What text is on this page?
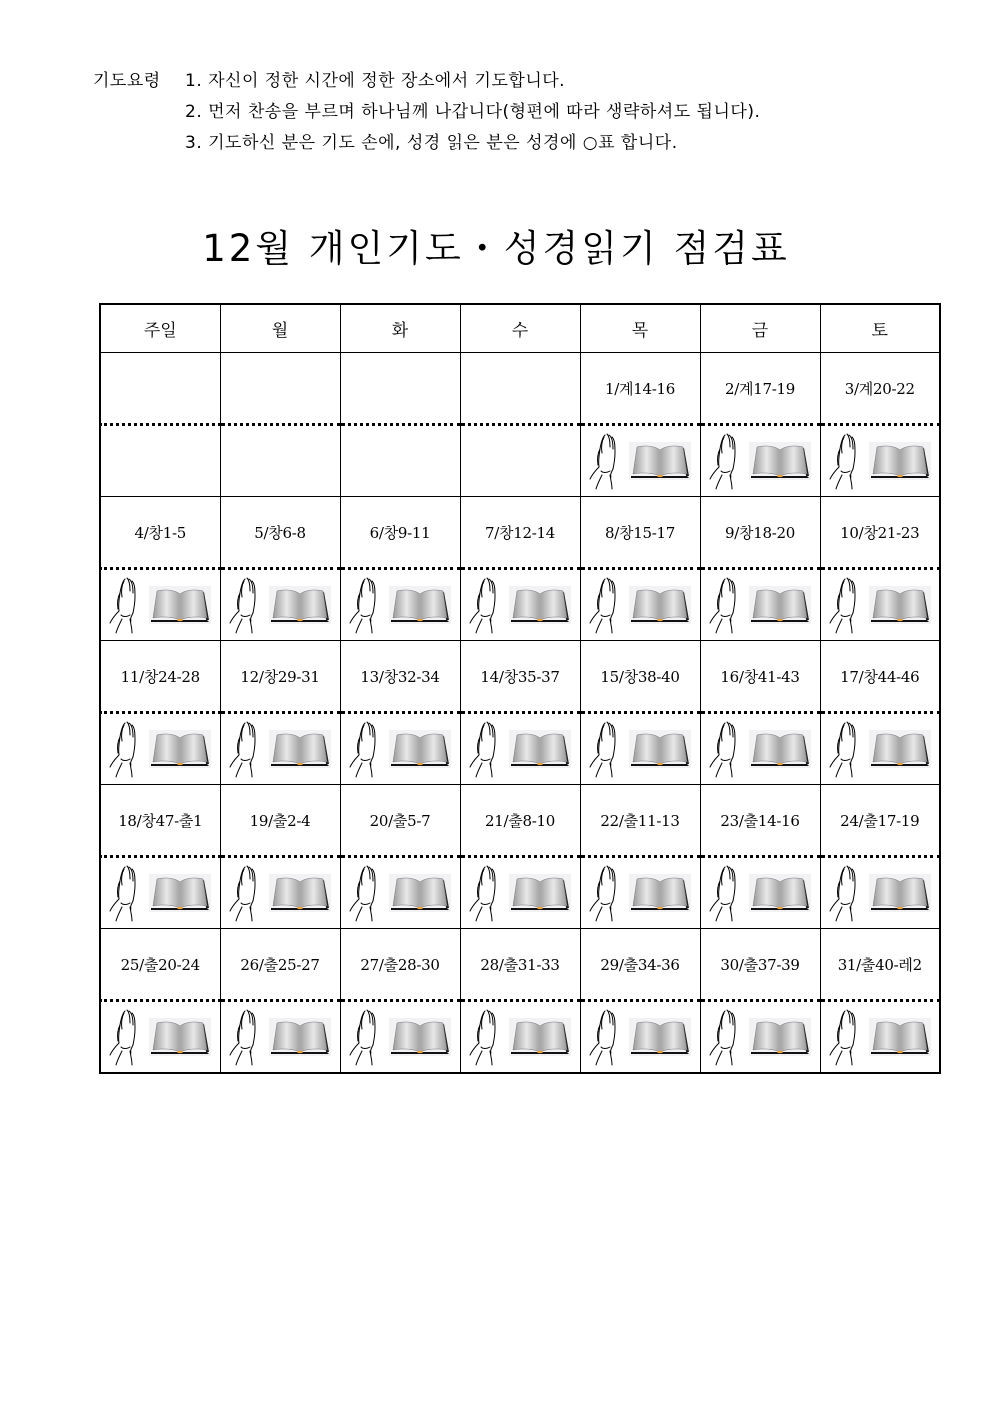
기도요령	1. 자신이 정한 시간에 정한 장소에서 기도합니다.
2. 먼저 찬송을 부르며 하나님께 나갑니다(형편에 따라 생략하셔도 됩니다).
3. 기도하신 분은 기도 손에, 성경 읽은 분은 성경에 ○표 합니다.
12월 개인기도・성경읽기 점검표
주일	월	화	수	목	금	토
				1/계14-16	2/계17-19	3/계20-22

4/창1-5	5/창6-8	6/창9-11	7/창12-14	8/창15-17	9/창18-20	10/창21-23

11/창24-28	12/창29-31	13/창32-34	14/창35-37	15/창38-40	16/창41-43	17/창44-46

18/창47-출1	19/출2-4	20/출5-7	21/출8-10	22/출11-13	23/출14-16	24/출17-19

25/출20-24	26/출25-27	27/출28-30	28/출31-33	29/출34-36	30/출37-39	31/출40-레2
